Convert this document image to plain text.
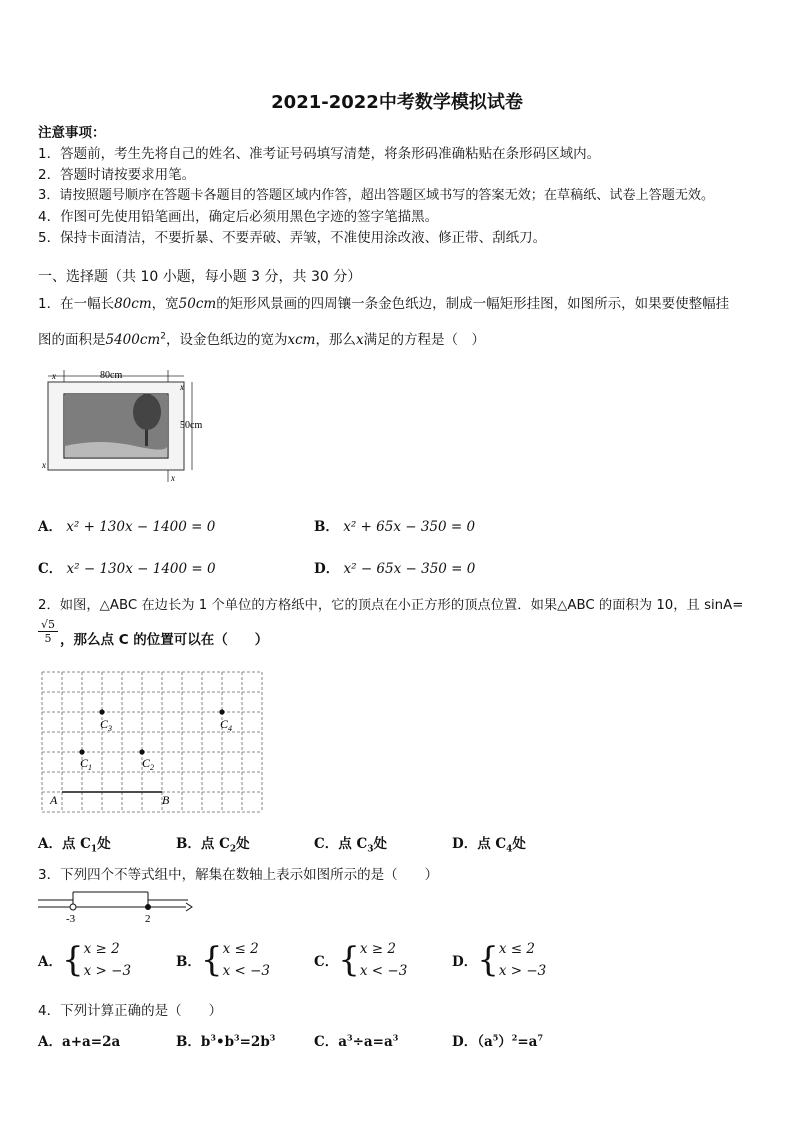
2021-2022中考数学模拟试卷
注意事项：
1．答题前，考生先将自己的姓名、准考证号码填写清楚，将条形码准确粘贴在条形码区域内。
2．答题时请按要求用笔。
3．请按照题号顺序在答题卡各题目的答题区域内作答，超出答题区域书写的答案无效；在草稿纸、试卷上答题无效。
4．作图可先使用铅笔画出，确定后必须用黑色字迹的签字笔描黑。
5．保持卡面清洁，不要折暴、不要弄破、弄皱，不准使用涂改液、修正带、刮纸刀。
一、选择题（共 10 小题，每小题 3 分，共 30 分）
1．在一幅长80cm，宽50cm的矩形风景画的四周镶一条金色纸边，制成一幅矩形挂图，如图所示，如果要使整幅挂
图的面积是$5400cm^2$，设金色纸边的宽为xcm，那么x满足的方程是（　）
80cm
x
x
50cm
x
x
A． x² + 130x − 1400 = 0	B． x² + 65x − 350 = 0
C． x² − 130x − 1400 = 0	D． x² − 65x − 350 = 0
2．如图，△ABC 在边长为 1 个单位的方格纸中，它的顶点在小正方形的顶点位置．如果△ABC 的面积为 10，且 sinA=
√5
5 ，那么点 C 的位置可以在（　　）
A	B
$C_3$	$C_4$
$C_1$	$C_2$
A．点 $C_1$处	B．点 $C_2$处	C．点 $C_3$处	D．点 $C_4$处
3．下列四个不等式组中，解集在数轴上表示如图所示的是（　　）
-3	2
A．{x ≥ 2
x > −3
B．{x ≤ 2
x < −3
C．{x ≥ 2
x < −3
D．{x ≤ 2
x > −3
4．下列计算正确的是（　　）
A．a+a=2a	B．$b^3•b^3=2b^3$	C．$a^3\div a=a^3$	D．$(a^5)^2=a^7$
